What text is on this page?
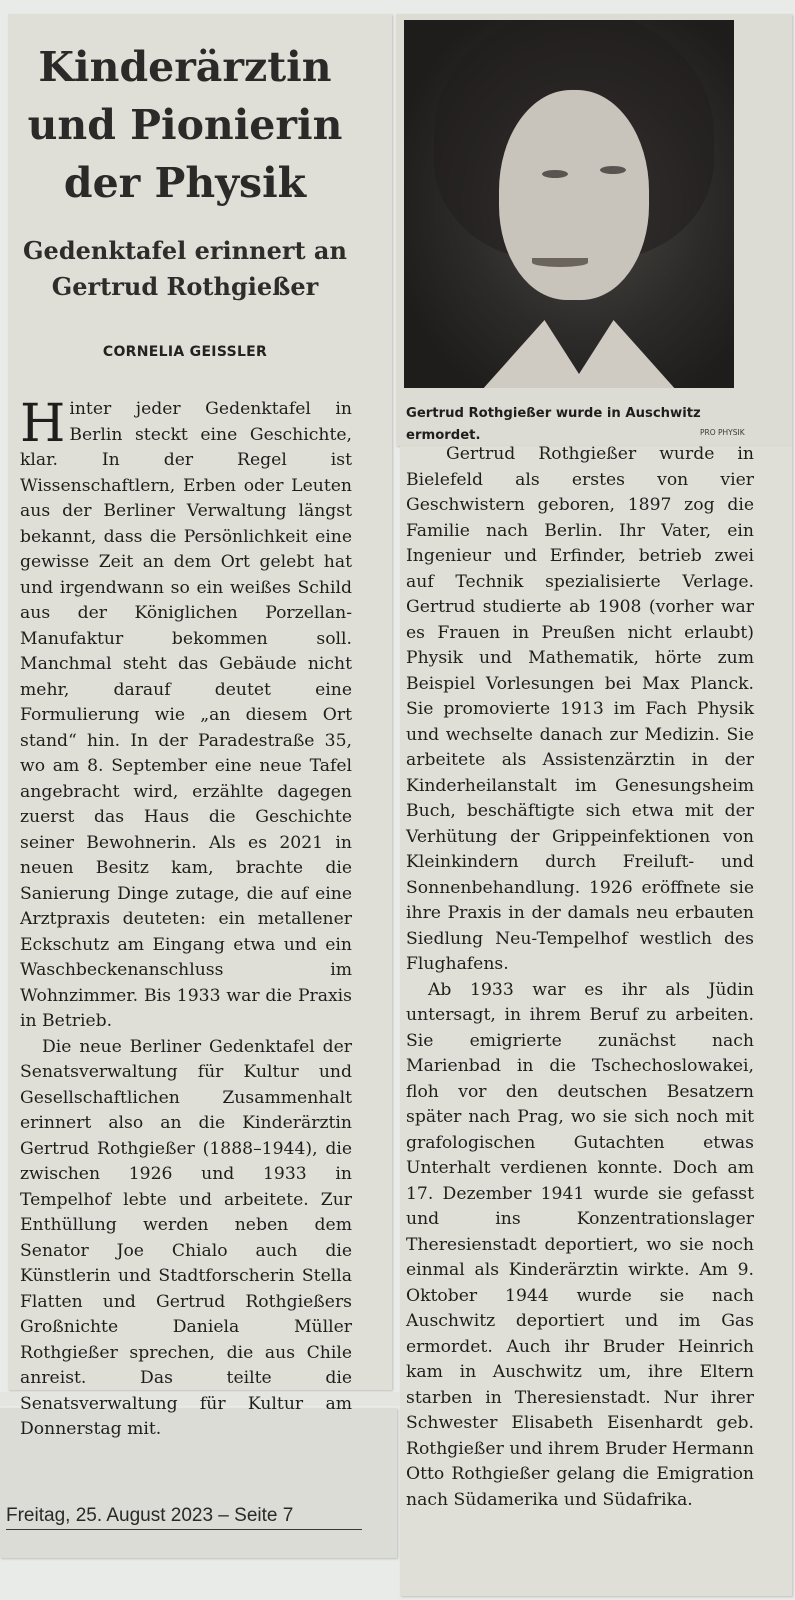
Kinderärztin
und Pionierin
der Physik
Gedenktafel erinnert an
Gertrud Rothgießer
CORNELIA GEISSLER

Hinter jeder Gedenktafel in Berlin steckt eine Geschichte, klar. In der Regel ist Wissenschaftlern, Erben oder Leuten aus der Berliner Verwaltung längst bekannt, dass die Persönlichkeit eine gewisse Zeit an dem Ort gelebt hat und irgendwann so ein weißes Schild aus der Königlichen Porzellan-Manufaktur bekommen soll. Manchmal steht das Gebäude nicht mehr, darauf deutet eine Formulierung wie „an diesem Ort stand“ hin. In der Paradestraße 35, wo am 8. September eine neue Tafel angebracht wird, erzählte dagegen zuerst das Haus die Geschichte seiner Bewohnerin. Als es 2021 in neuen Besitz kam, brachte die Sanierung Dinge zutage, die auf eine Arztpraxis deuteten: ein metallener Eckschutz am Eingang etwa und ein Waschbeckenanschluss im Wohnzimmer. Bis 1933 war die Praxis in Betrieb.

Die neue Berliner Gedenktafel der Senatsverwaltung für Kultur und Gesellschaftlichen Zusammenhalt erinnert also an die Kinderärztin Gertrud Rothgießer (1888–1944), die zwischen 1926 und 1933 in Tempelhof lebte und arbeitete. Zur Enthüllung werden neben dem Senator Joe Chialo auch die Künstlerin und Stadtforscherin Stella Flatten und Gertrud Rothgießers Großnichte Daniela Müller Rothgießer sprechen, die aus Chile anreist. Das teilte die Senatsverwaltung für Kultur am Donnerstag mit.

Gertrud Rothgießer wurde in Auschwitz ermordet.	PRO PHYSIK

Gertrud Rothgießer wurde in Bielefeld als erstes von vier Geschwistern geboren, 1897 zog die Familie nach Berlin. Ihr Vater, ein Ingenieur und Erfinder, betrieb zwei auf Technik spezialisierte Verlage. Gertrud studierte ab 1908 (vorher war es Frauen in Preußen nicht erlaubt) Physik und Mathematik, hörte zum Beispiel Vorlesungen bei Max Planck. Sie promovierte 1913 im Fach Physik und wechselte danach zur Medizin. Sie arbeitete als Assistenzärztin in der Kinderheilanstalt im Genesungsheim Buch, beschäftigte sich etwa mit der Verhütung der Grippeinfektionen von Kleinkindern durch Freiluft- und Sonnenbehandlung. 1926 eröffnete sie ihre Praxis in der damals neu erbauten Siedlung Neu-Tempelhof westlich des Flughafens.

Ab 1933 war es ihr als Jüdin untersagt, in ihrem Beruf zu arbeiten. Sie emigrierte zunächst nach Marienbad in die Tschechoslowakei, floh vor den deutschen Besatzern später nach Prag, wo sie sich noch mit grafologischen Gutachten etwas Unterhalt verdienen konnte. Doch am 17. Dezember 1941 wurde sie gefasst und ins Konzentrationslager Theresienstadt deportiert, wo sie noch einmal als Kinderärztin wirkte. Am 9. Oktober 1944 wurde sie nach Auschwitz deportiert und im Gas ermordet. Auch ihr Bruder Heinrich kam in Auschwitz um, ihre Eltern starben in Theresienstadt. Nur ihrer Schwester Elisabeth Eisenhardt geb. Rothgießer und ihrem Bruder Hermann Otto Rothgießer gelang die Emigration nach Südamerika und Südafrika.

Freitag, 25. August 2023 – Seite 7
